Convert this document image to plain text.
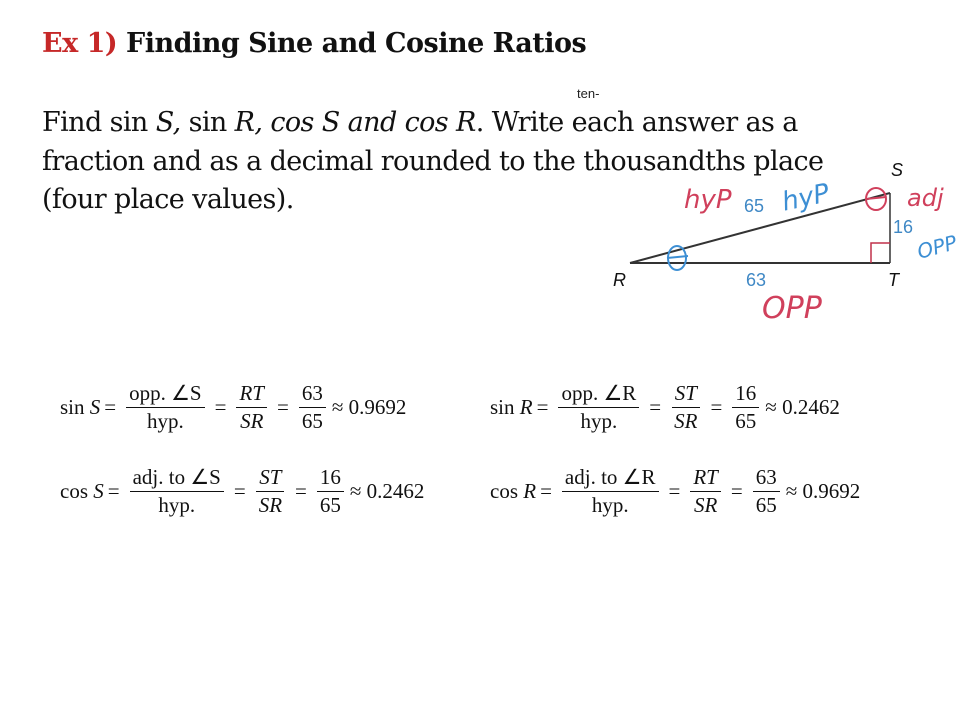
Ex 1) Finding Sine and Cosine Ratios
Find sin S, sin R, cos S and cos R. Write each answer as a
fraction and as a decimal rounded to the thousandths place
(four place values).
ten-
R
S
T
65
63
16
hyP hyP	adj
OPP
OPP
sin
$S = \frac{\text{opp. ∠S}}{\text{hyp.}} = \frac{RT}{SR} = \frac{63}{65} \approx 0.9692$	sin
$R = \frac{\text{opp. ∠R}}{\text{hyp.}} = \frac{ST}{SR} = \frac{16}{65} \approx 0.2462$
cos
$S = \frac{\text{adj. to ∠S}}{\text{hyp.}} = \frac{ST}{SR} = \frac{16}{65} \approx 0.2462$	cos
$R = \frac{\text{adj. to ∠R}}{\text{hyp.}} = \frac{RT}{SR} = \frac{63}{65} \approx 0.9692$
